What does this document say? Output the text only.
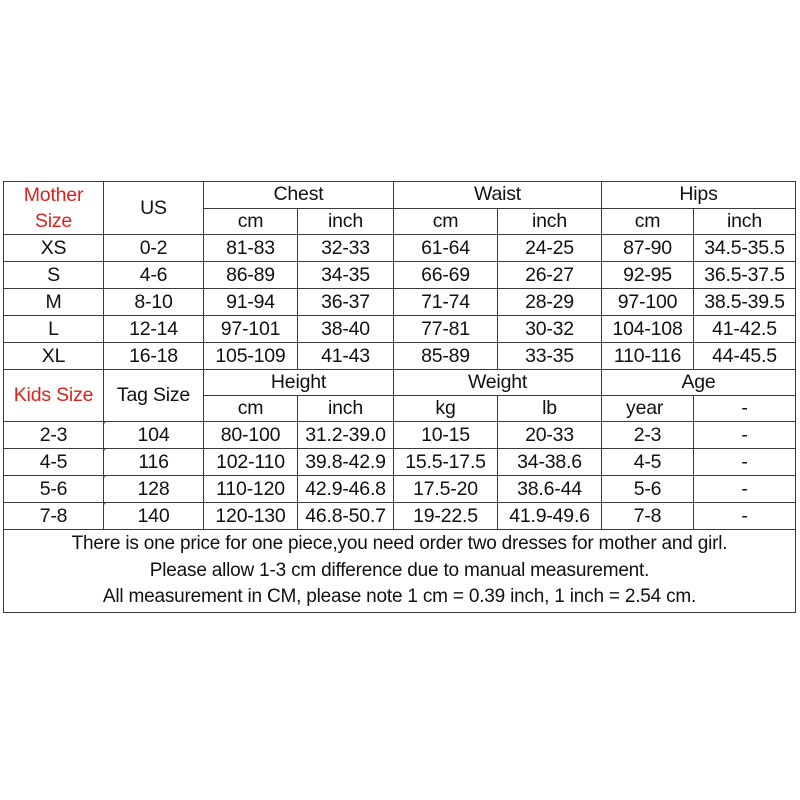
Mother Size	US	Chest		Waist		Hips	
		cm	inch	cm	inch	cm	inch
XS	0-2	81-83	32-33	61-64	24-25	87-90	34.5-35.5
S	4-6	86-89	34-35	66-69	26-27	92-95	36.5-37.5
M	8-10	91-94	36-37	71-74	28-29	97-100	38.5-39.5
L	12-14	97-101	38-40	77-81	30-32	104-108	41-42.5
XL	16-18	105-109	41-43	85-89	33-35	110-116	44-45.5
Kids Size	Tag Size	Height		Weight		Age	
		cm	inch	kg	lb	year	-
2-3	104	80-100	31.2-39.0	10-15	20-33	2-3	-
4-5	116	102-110	39.8-42.9	15.5-17.5	34-38.6	4-5	-
5-6	128	110-120	42.9-46.8	17.5-20	38.6-44	5-6	-
7-8	140	120-130	46.8-50.7	19-22.5	41.9-49.6	7-8	-

There is one price for one piece,you need order two dresses for mother and girl.
Please allow 1-3 cm difference due to manual measurement.
All measurement in CM, please note 1 cm = 0.39 inch, 1 inch = 2.54 cm.							
